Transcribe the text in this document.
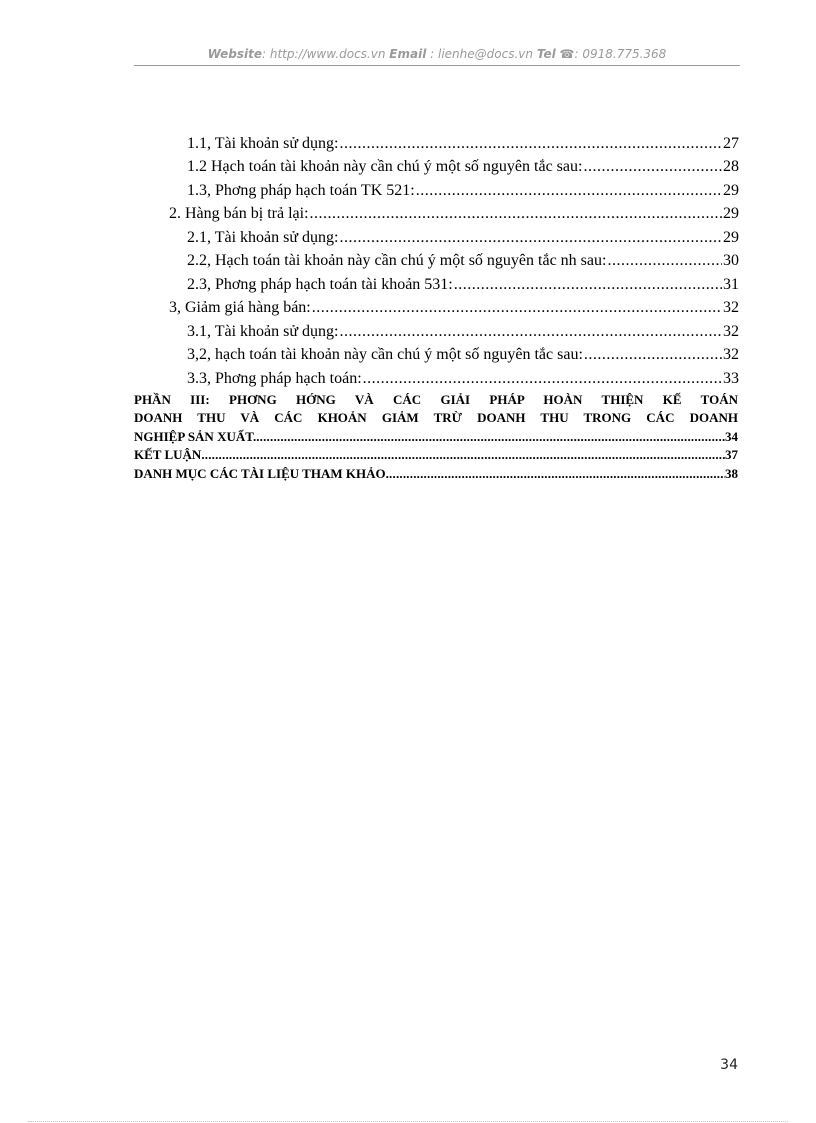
Website: http://www.docs.vn Email : lienhe@docs.vn Tel ☎: 0918.775.368
1.1, Tài khoản sử dụng: .....	27
1.2 Hạch toán tài khoản này cần chú ý một số nguyên tắc sau: .....	28
1.3, Phơng pháp hạch toán TK 521: .....	29
2. Hàng bán bị trả lại: .....	29
2.1, Tài khoản sử dụng: .....	29
2.2, Hạch toán tài khoản này cần chú ý một số nguyên tắc nh sau: .....	30
2.3, Phơng pháp hạch toán tài khoản 531: .....	31
3, Giảm giá hàng bán: .....	32
3.1, Tài khoản sử dụng: .....	32
3,2, hạch toán tài khoản này cần chú ý một số nguyên tắc sau: .....	32
3.3, Phơng pháp hạch toán: .....	33
PHẦN III: PHƠNG HỚNG VÀ CÁC GIẢI PHÁP HOÀN THIỆN KẾ TOÁN
DOANH THU VÀ CÁC KHOẢN GIẢM TRỪ DOANH THU TRONG CÁC DOANH
NGHIỆP SẢN XUẤT. .....	34
KẾT LUẬN .....	37
DANH MỤC CÁC TÀI LIỆU THAM KHẢO .....	38
34
